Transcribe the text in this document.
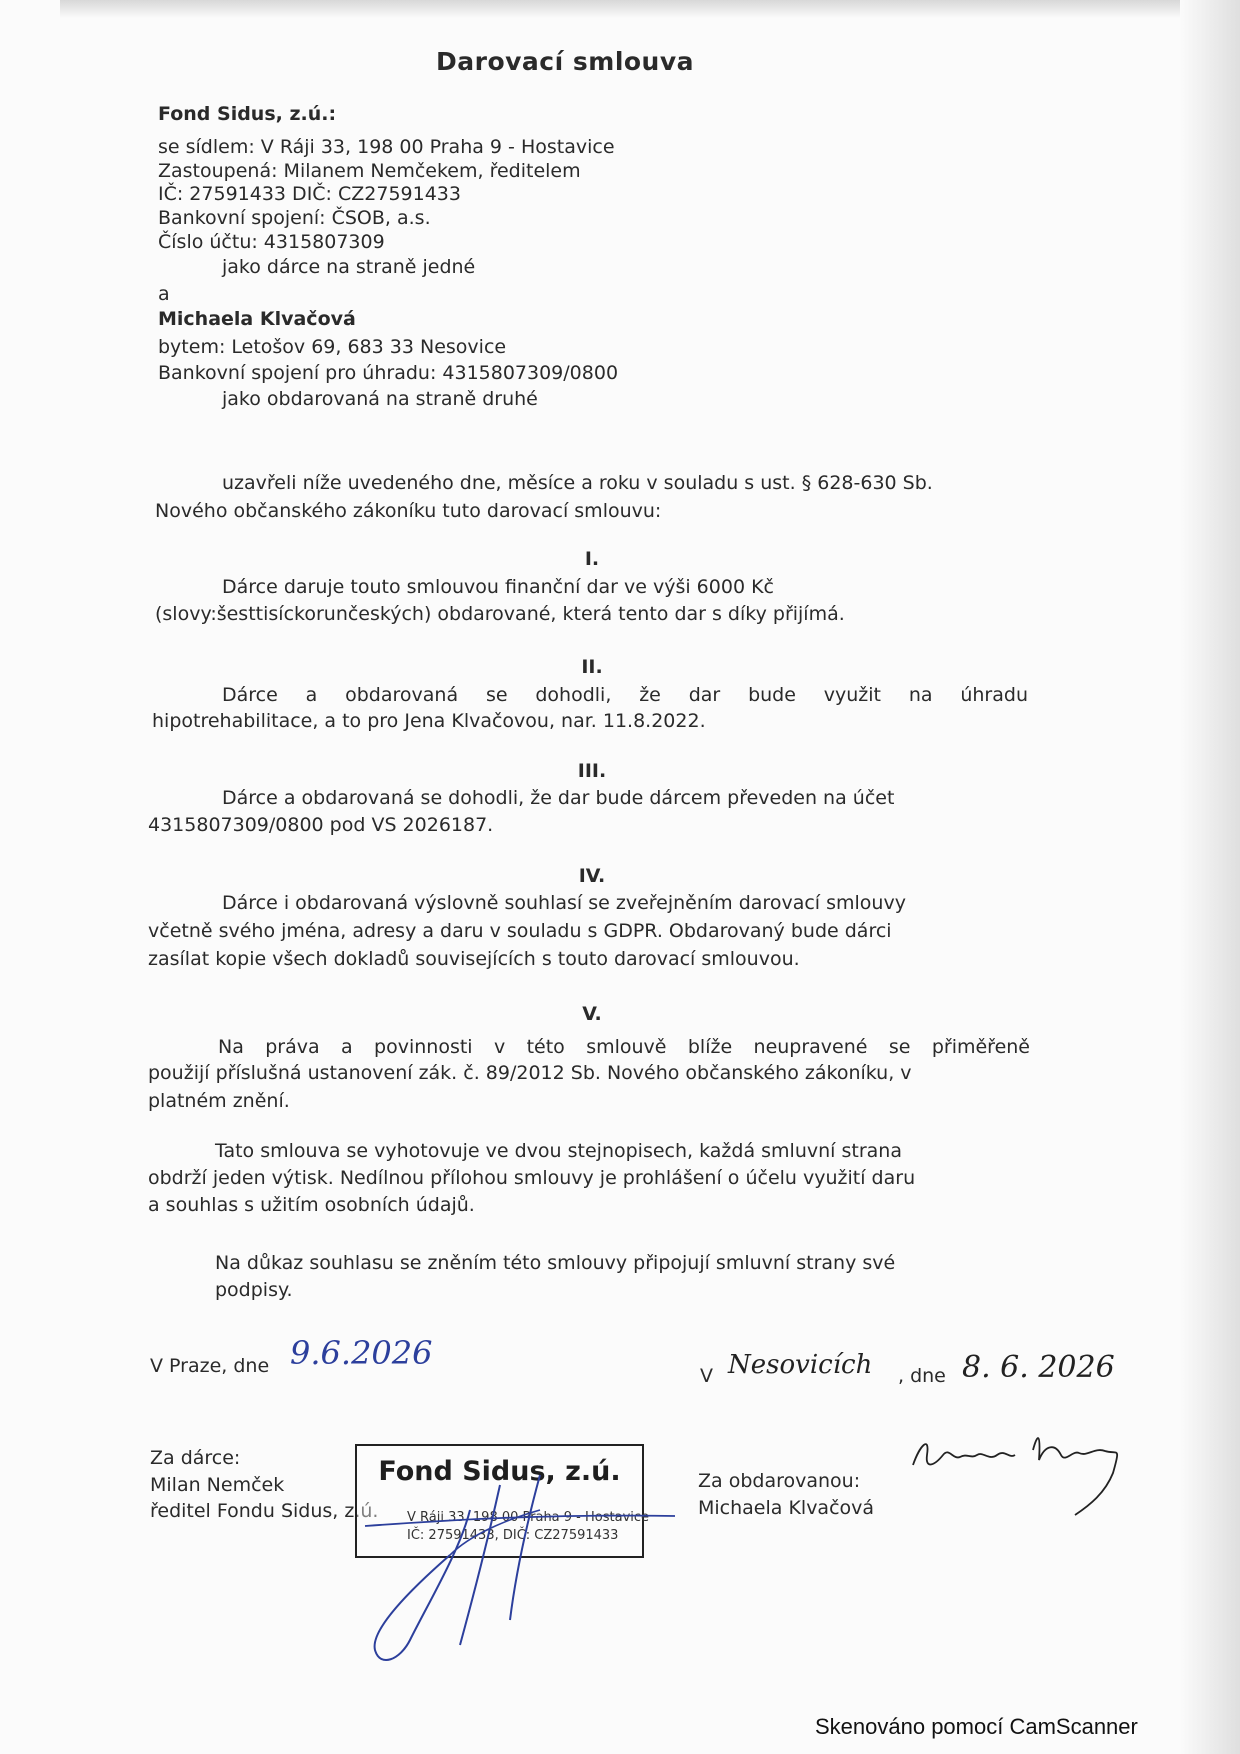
Darovací smlouva
Fond Sidus, z.ú.:
se sídlem: V Ráji 33, 198 00 Praha 9 - Hostavice
Zastoupená: Milanem Nemčekem, ředitelem
IČ: 27591433 DIČ: CZ27591433
Bankovní spojení: ČSOB, a.s.
Číslo účtu: 4315807309
jako dárce na straně jedné
a
Michaela Klvačová
bytem: Letošov 69, 683 33 Nesovice
Bankovní spojení pro úhradu: 4315807309/0800
jako obdarovaná na straně druhé
uzavřeli níže uvedeného dne, měsíce a roku v souladu s ust. § 628-630 Sb.
Nového občanského zákoníku tuto darovací smlouvu:
I.
Dárce daruje touto smlouvou finanční dar ve výši 6000 Kč
(slovy:šesttisíckorunčeských) obdarované, která tento dar s díky přijímá.
II.
Dárce a obdarovaná se dohodli, že dar bude využit na úhradu
hipotrehabilitace, a to pro Jena Klvačovou, nar. 11.8.2022.
III.
Dárce a obdarovaná se dohodli, že dar bude dárcem převeden na účet
4315807309/0800 pod VS 2026187.
IV.
Dárce i obdarovaná výslovně souhlasí se zveřejněním darovací smlouvy
včetně svého jména, adresy a daru v souladu s GDPR. Obdarovaný bude dárci
zasílat kopie všech dokladů souvisejících s touto darovací smlouvou.
V.
Na práva a povinnosti v této smlouvě blíže neupravené se přiměřeně
použijí příslušná ustanovení zák. č. 89/2012 Sb. Nového občanského zákoníku, v
platném znění.
Tato smlouva se vyhotovuje ve dvou stejnopisech, každá smluvní strana
obdrží jeden výtisk. Nedílnou přílohou smlouvy je prohlášení o účelu využití daru
a souhlas s užitím osobních údajů.
Na důkaz souhlasu se zněním této smlouvy připojují smluvní strany své
podpisy.
V Praze, dne 9.6.2026
V Nesovicích , dne 8. 6. 2026
Za dárce:
Milan Nemček
ředitel Fondu Sidus, z.ú.
Fond Sidus, z.ú.
V Ráji 33, 198 00 Praha 9 - Hostavice
IČ: 27591433, DIČ: CZ27591433
Za obdarovanou:
Michaela Klvačová
Skenováno pomocí CamScanner
